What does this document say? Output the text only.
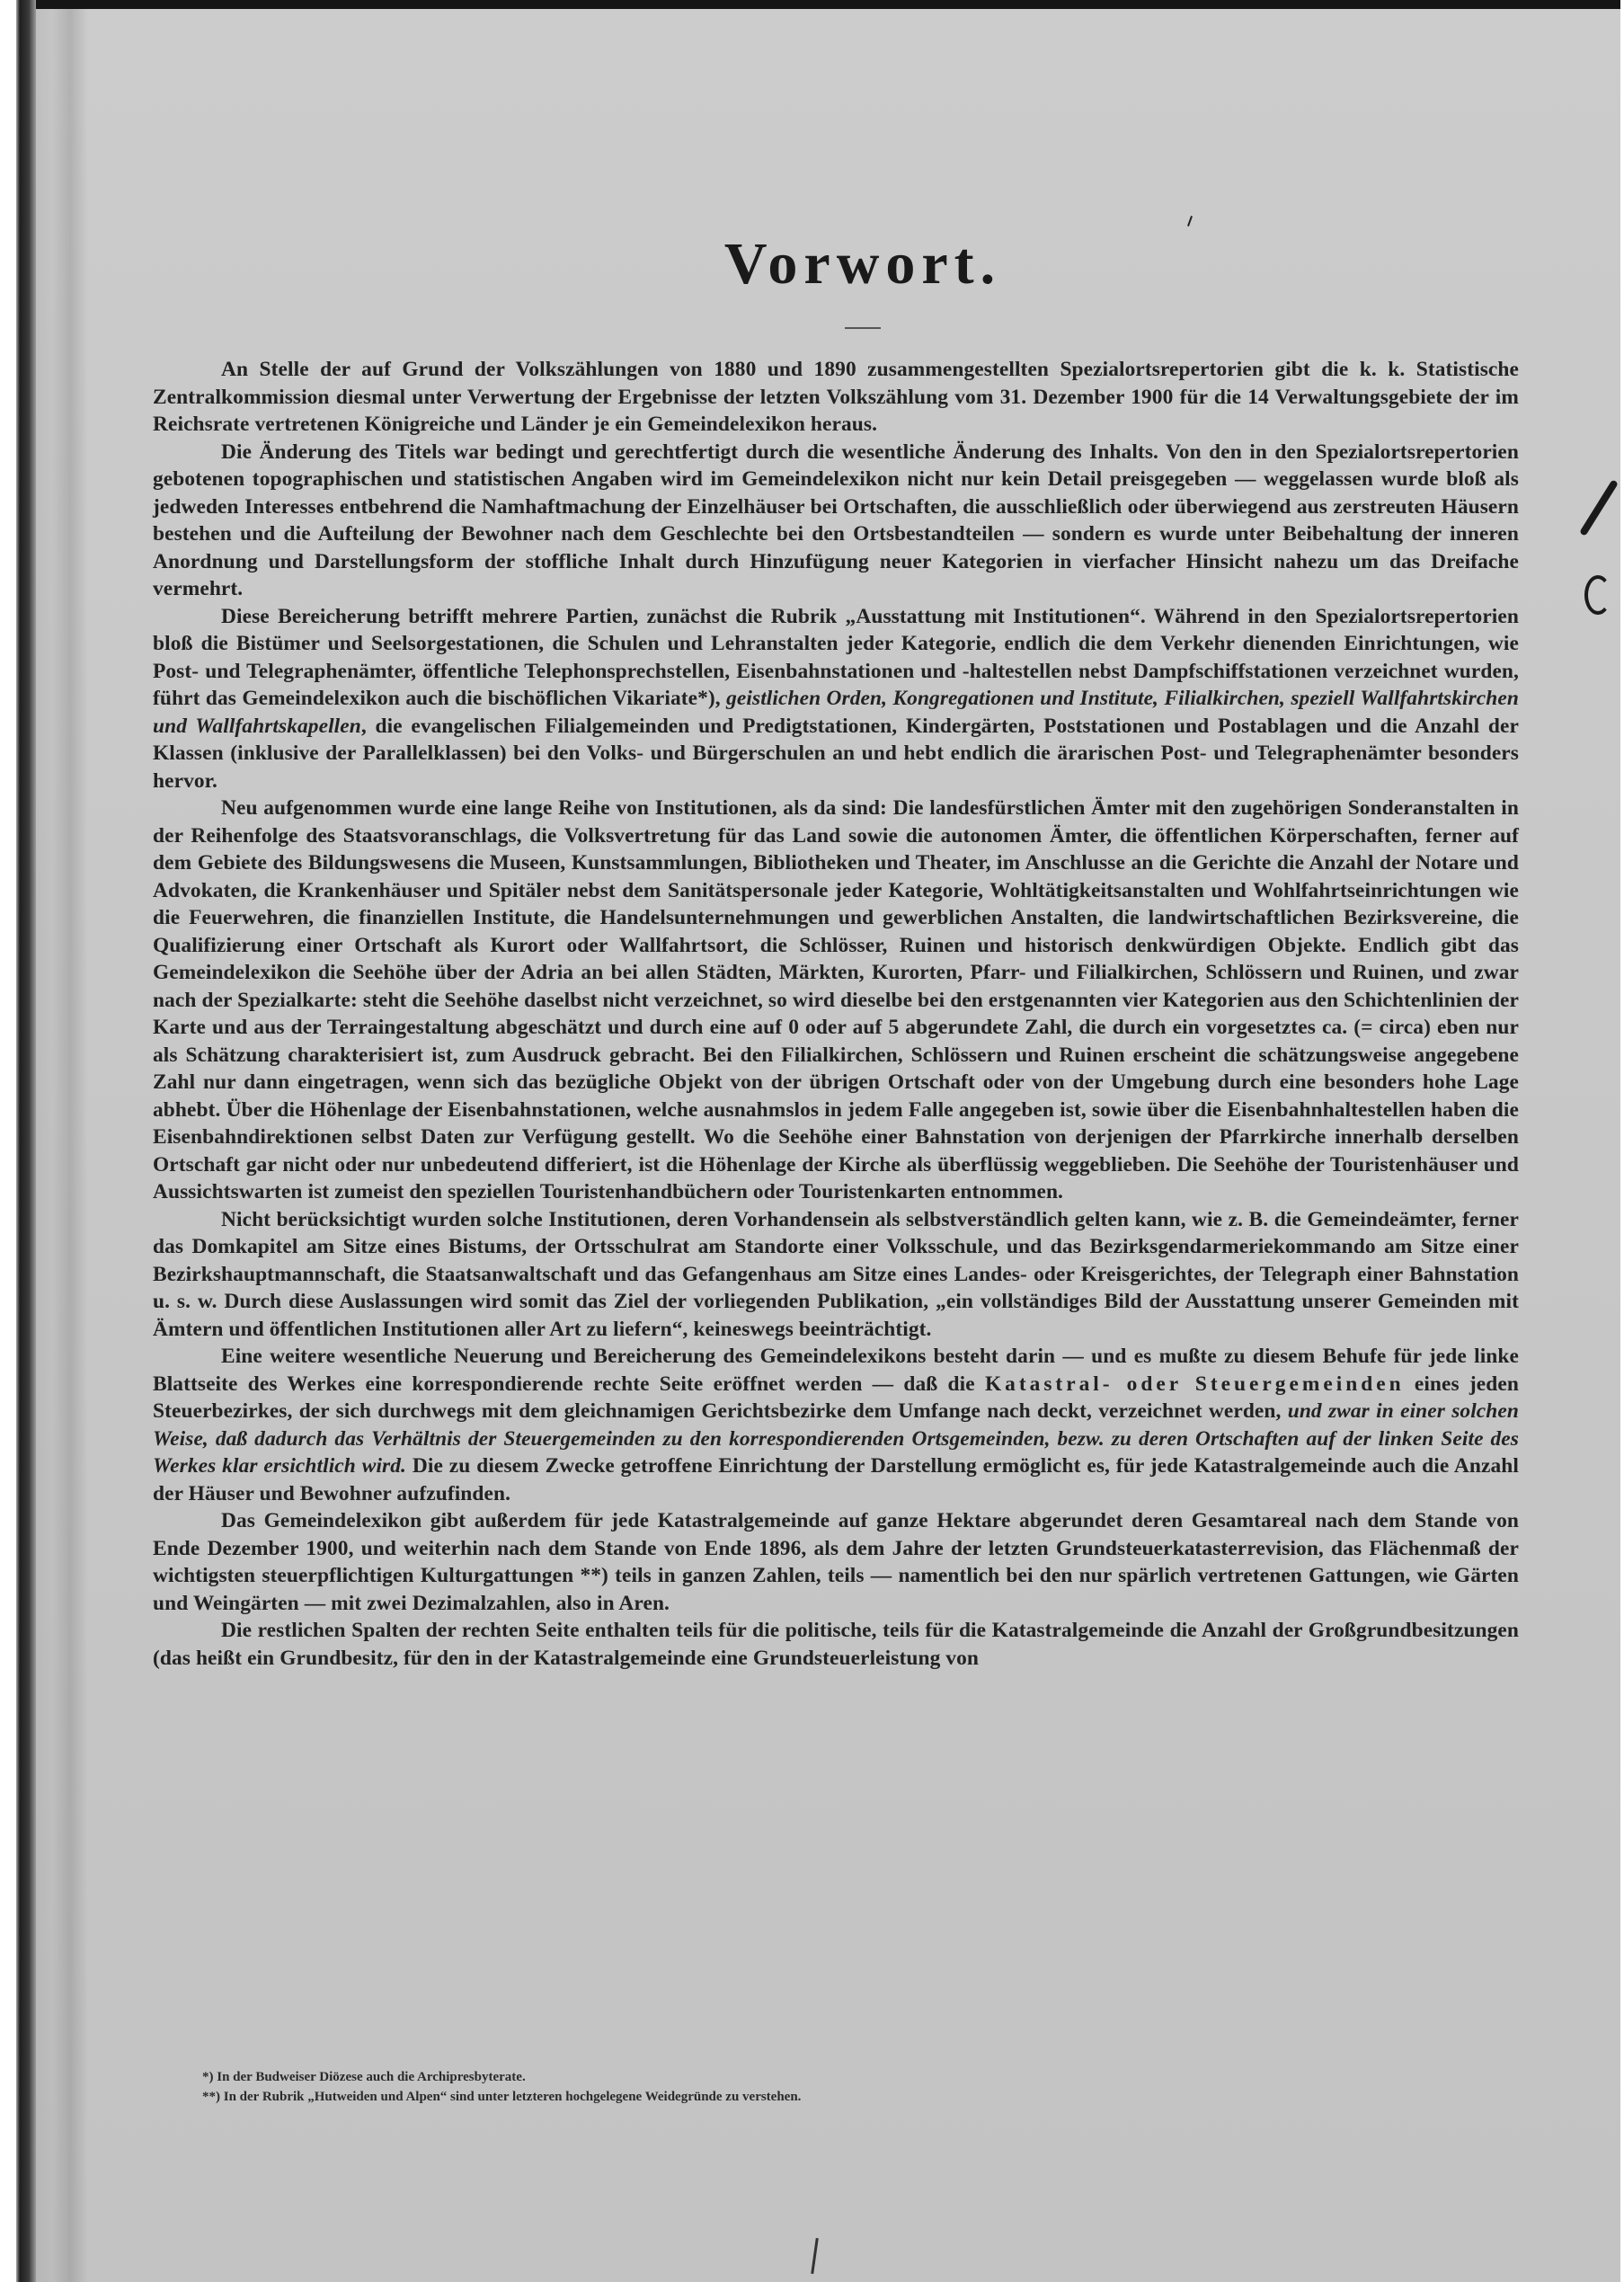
Vorwort.

An Stelle der auf Grund der Volkszählungen von 1880 und 1890 zusammengestellten Spezialortsrepertorien gibt die k. k. Statistische Zentralkommission diesmal unter Verwertung der Ergebnisse der letzten Volkszählung vom 31. Dezember 1900 für die 14 Verwaltungsgebiete der im Reichsrate vertretenen Königreiche und Länder je ein Gemeindelexikon heraus.

Die Änderung des Titels war bedingt und gerechtfertigt durch die wesentliche Änderung des Inhalts. Von den in den Spezialortsrepertorien gebotenen topographischen und statistischen Angaben wird im Gemeindelexikon nicht nur kein Detail preisgegeben — weggelassen wurde bloß als jedweden Interesses entbehrend die Namhaftmachung der Einzelhäuser bei Ortschaften, die ausschließlich oder überwiegend aus zerstreuten Häusern bestehen und die Aufteilung der Bewohner nach dem Geschlechte bei den Ortsbestandteilen — sondern es wurde unter Beibehaltung der inneren Anordnung und Darstellungsform der stoffliche Inhalt durch Hinzufügung neuer Kategorien in vierfacher Hinsicht nahezu um das Dreifache vermehrt.

Diese Bereicherung betrifft mehrere Partien, zunächst die Rubrik „Ausstattung mit Institutionen“. Während in den Spezialortsrepertorien bloß die Bistümer und Seelsorgestationen, die Schulen und Lehranstalten jeder Kategorie, endlich die dem Verkehr dienenden Einrichtungen, wie Post- und Telegraphenämter, öffentliche Telephonsprechstellen, Eisenbahnstationen und -haltestellen nebst Dampfschiffstationen verzeichnet wurden, führt das Gemeindelexikon auch die bischöflichen Vikariate*), geistlichen Orden, Kongregationen und Institute, Filialkirchen, speziell Wallfahrtskirchen und Wallfahrtskapellen, die evangelischen Filialgemeinden und Predigtstationen, Kindergärten, Poststationen und Postablagen und die Anzahl der Klassen (inklusive der Parallelklassen) bei den Volks- und Bürgerschulen an und hebt endlich die ärarischen Post- und Telegraphenämter besonders hervor.

Neu aufgenommen wurde eine lange Reihe von Institutionen, als da sind: Die landesfürstlichen Ämter mit den zugehörigen Sonderanstalten in der Reihenfolge des Staatsvoranschlags, die Volksvertretung für das Land sowie die autonomen Ämter, die öffentlichen Körperschaften, ferner auf dem Gebiete des Bildungswesens die Museen, Kunstsammlungen, Bibliotheken und Theater, im Anschlusse an die Gerichte die Anzahl der Notare und Advokaten, die Krankenhäuser und Spitäler nebst dem Sanitätspersonale jeder Kategorie, Wohltätigkeitsanstalten und Wohlfahrtseinrichtungen wie die Feuerwehren, die finanziellen Institute, die Handelsunternehmungen und gewerblichen Anstalten, die landwirtschaftlichen Bezirksvereine, die Qualifizierung einer Ortschaft als Kurort oder Wallfahrtsort, die Schlösser, Ruinen und historisch denkwürdigen Objekte. Endlich gibt das Gemeindelexikon die Seehöhe über der Adria an bei allen Städten, Märkten, Kurorten, Pfarr- und Filialkirchen, Schlössern und Ruinen, und zwar nach der Spezialkarte: steht die Seehöhe daselbst nicht verzeichnet, so wird dieselbe bei den erstgenannten vier Kategorien aus den Schichtenlinien der Karte und aus der Terraingestaltung abgeschätzt und durch eine auf 0 oder auf 5 abgerundete Zahl, die durch ein vorgesetztes ca. (= circa) eben nur als Schätzung charakterisiert ist, zum Ausdruck gebracht. Bei den Filialkirchen, Schlössern und Ruinen erscheint die schätzungsweise angegebene Zahl nur dann eingetragen, wenn sich das bezügliche Objekt von der übrigen Ortschaft oder von der Umgebung durch eine besonders hohe Lage abhebt. Über die Höhenlage der Eisenbahnstationen, welche ausnahmslos in jedem Falle angegeben ist, sowie über die Eisenbahnhaltestellen haben die Eisenbahndirektionen selbst Daten zur Verfügung gestellt. Wo die Seehöhe einer Bahnstation von derjenigen der Pfarrkirche innerhalb derselben Ortschaft gar nicht oder nur unbedeutend differiert, ist die Höhenlage der Kirche als überflüssig weggeblieben. Die Seehöhe der Touristenhäuser und Aussichtswarten ist zumeist den speziellen Touristenhandbüchern oder Touristenkarten entnommen.

Nicht berücksichtigt wurden solche Institutionen, deren Vorhandensein als selbstverständlich gelten kann, wie z. B. die Gemeindeämter, ferner das Domkapitel am Sitze eines Bistums, der Ortsschulrat am Standorte einer Volksschule, und das Bezirksgendarmeriekommando am Sitze einer Bezirkshauptmannschaft, die Staatsanwaltschaft und das Gefangenhaus am Sitze eines Landes- oder Kreisgerichtes, der Telegraph einer Bahnstation u. s. w. Durch diese Auslassungen wird somit das Ziel der vorliegenden Publikation, „ein vollständiges Bild der Ausstattung unserer Gemeinden mit Ämtern und öffentlichen Institutionen aller Art zu liefern“, keineswegs beeinträchtigt.

Eine weitere wesentliche Neuerung und Bereicherung des Gemeindelexikons besteht darin — und es mußte zu diesem Behufe für jede linke Blattseite des Werkes eine korrespondierende rechte Seite eröffnet werden — daß die Katastral- oder Steuergemeinden eines jeden Steuerbezirkes, der sich durchwegs mit dem gleichnamigen Gerichtsbezirke dem Umfange nach deckt, verzeichnet werden, und zwar in einer solchen Weise, daß dadurch das Verhältnis der Steuergemeinden zu den korrespondierenden Ortsgemeinden, bezw. zu deren Ortschaften auf der linken Seite des Werkes klar ersichtlich wird. Die zu diesem Zwecke getroffene Einrichtung der Darstellung ermöglicht es, für jede Katastralgemeinde auch die Anzahl der Häuser und Bewohner aufzufinden.

Das Gemeindelexikon gibt außerdem für jede Katastralgemeinde auf ganze Hektare abgerundet deren Gesamtareal nach dem Stande von Ende Dezember 1900, und weiterhin nach dem Stande von Ende 1896, als dem Jahre der letzten Grundsteuerkatasterrevision, das Flächenmaß der wichtigsten steuerpflichtigen Kulturgattungen **) teils in ganzen Zahlen, teils — namentlich bei den nur spärlich vertretenen Gattungen, wie Gärten und Weingärten — mit zwei Dezimalzahlen, also in Aren.

Die restlichen Spalten der rechten Seite enthalten teils für die politische, teils für die Katastralgemeinde die Anzahl der Großgrundbesitzungen (das heißt ein Grundbesitz, für den in der Katastralgemeinde eine Grundsteuerleistung von

*) In der Budweiser Diözese auch die Archipresbyterate.

**) In der Rubrik „Hutweiden und Alpen“ sind unter letzteren hochgelegene Weidegründe zu verstehen.
